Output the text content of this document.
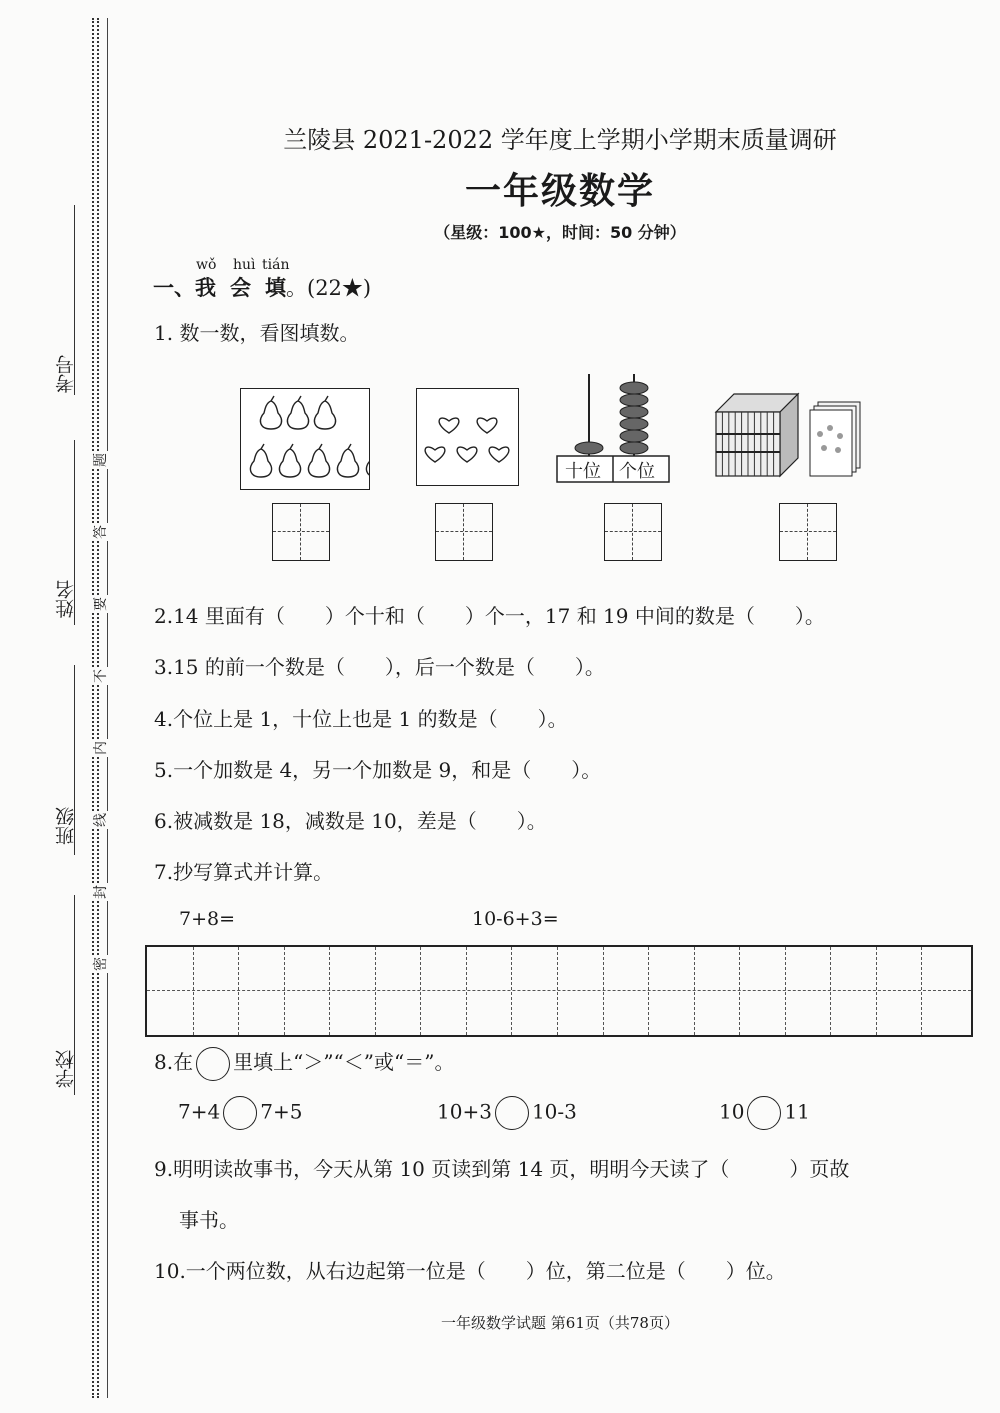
考号
姓名
班级
学校
题
答
要
不
内
线
封
密
兰陵县 2021-2022 学年度上学期小学期末质量调研
一年级数学
（星级：100★，时间：50 分钟）
一、
wǒ
我
huì
会
tián
填。(22★)
1. 数一数，看图填数。
十位 个位
2.14 里面有（　　）个十和（　　）个一，17 和 19 中间的数是（　　）。
3.15 的前一个数是（　　），后一个数是（　　）。
4.个位上是 1，十位上也是 1 的数是（　　）。
5.一个加数是 4，另一个加数是 9，和是（　　）。
6.被减数是 18，减数是 10，差是（　　）。
7.抄写算式并计算。
7+8=	10-6+3=
8.在 里填上“＞”“＜”或“＝”。
7+4 7+5	10+3 10-3	10 11
9.明明读故事书，今天从第 10 页读到第 14 页，明明今天读了（　　　）页故
事书。
10.一个两位数，从右边起第一位是（　　）位，第二位是（　　）位。
一年级数学试题 第61页（共78页）
